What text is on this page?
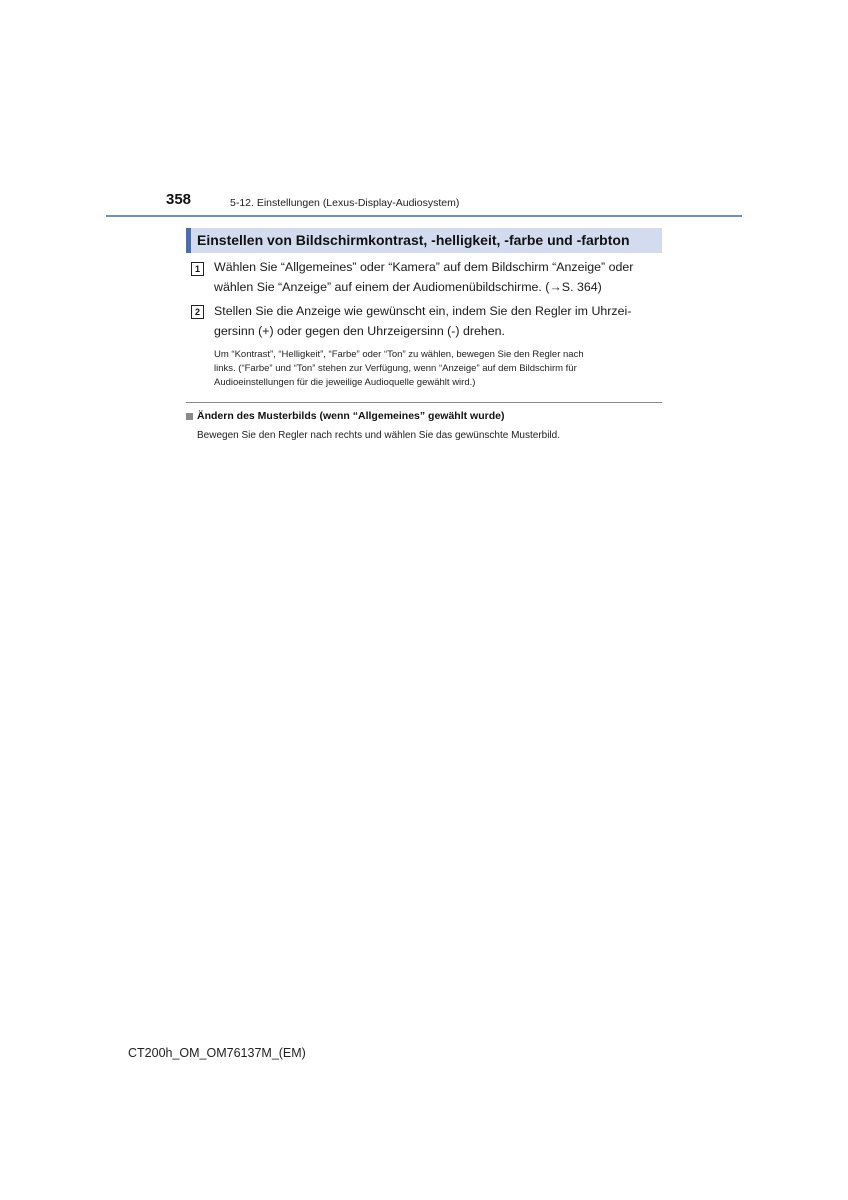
358	5-12. Einstellungen (Lexus-Display-Audiosystem)
Einstellen von Bildschirmkontrast, -helligkeit, -farbe und -farbton
1	Wählen Sie “Allgemeines” oder “Kamera” auf dem Bildschirm “Anzeige” oder
wählen Sie “Anzeige” auf einem der Audiomenübildschirme. (→S. 364)
2	Stellen Sie die Anzeige wie gewünscht ein, indem Sie den Regler im Uhrzei-
gersinn (+) oder gegen den Uhrzeigersinn (-) drehen.
Um “Kontrast”, “Helligkeit”, “Farbe” oder “Ton” zu wählen, bewegen Sie den Regler nach
links. (“Farbe” und “Ton” stehen zur Verfügung, wenn “Anzeige” auf dem Bildschirm für
Audioeinstellungen für die jeweilige Audioquelle gewählt wird.)
Ändern des Musterbilds (wenn “Allgemeines” gewählt wurde)
Bewegen Sie den Regler nach rechts und wählen Sie das gewünschte Musterbild.
CT200h_OM_OM76137M_(EM)
